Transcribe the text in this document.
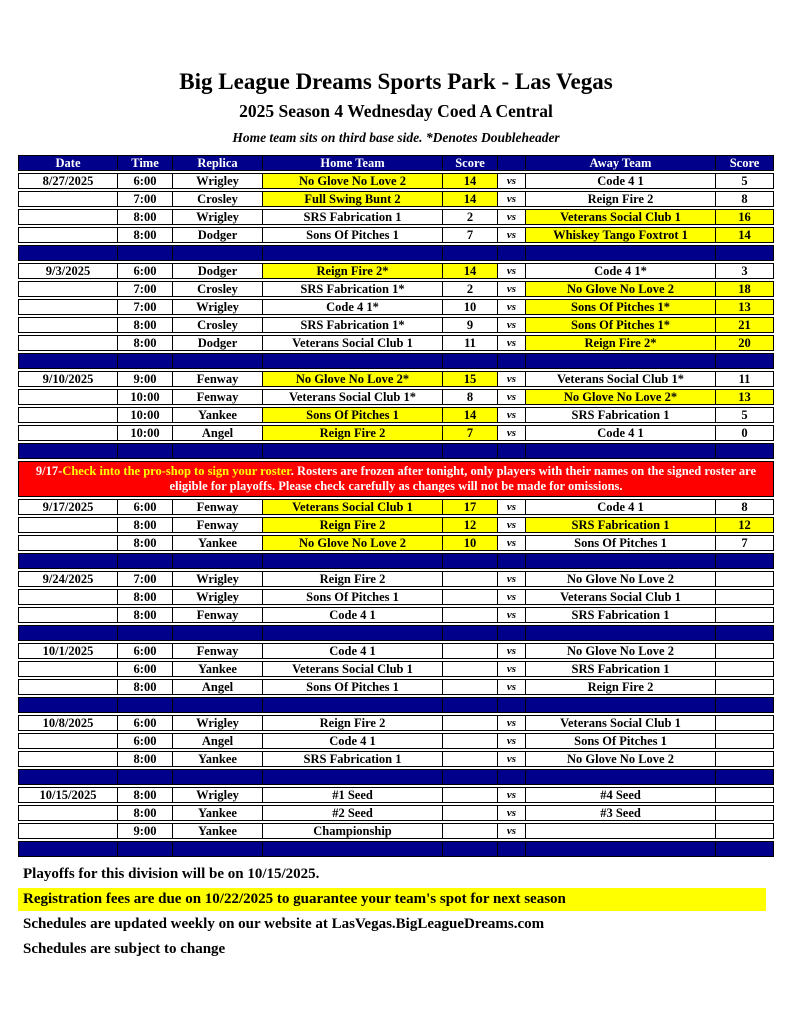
Big League Dreams Sports Park - Las Vegas
2025 Season 4 Wednesday Coed A Central
Home team sits on third base side. *Denotes Doubleheader
Date	Time	Replica	Home Team	Score	Away Team	Score
8/27/2025	6:00	Wrigley	No Glove No Love 2	14	vs	Code 4 1	5
7:00	Crosley	Full Swing Bunt 2	14	vs	Reign Fire 2	8
8:00	Wrigley	SRS Fabrication 1	2	vs	Veterans Social Club 1	16
8:00	Dodger	Sons Of Pitches 1	7	vs	Whiskey Tango Foxtrot 1	14
9/3/2025	6:00	Dodger	Reign Fire 2*	14	vs	Code 4 1*	3
7:00	Crosley	SRS Fabrication 1*	2	vs	No Glove No Love 2	18
7:00	Wrigley	Code 4 1*	10	vs	Sons Of Pitches 1*	13
8:00	Crosley	SRS Fabrication 1*	9	vs	Sons Of Pitches 1*	21
8:00	Dodger	Veterans Social Club 1	11	vs	Reign Fire 2*	20
9/10/2025	9:00	Fenway	No Glove No Love 2*	15	vs	Veterans Social Club 1*	11
10:00	Fenway	Veterans Social Club 1*	8	vs	No Glove No Love 2*	13
10:00	Yankee	Sons Of Pitches 1	14	vs	SRS Fabrication 1	5
10:00	Angel	Reign Fire 2	7	vs	Code 4 1	0
9/17-Check into the pro-shop to sign your roster. Rosters are frozen after tonight, only players with their names on the signed roster are eligible for playoffs. Please check carefully as changes will not be made for omissions.
9/17/2025	6:00	Fenway	Veterans Social Club 1	17	vs	Code 4 1	8
8:00	Fenway	Reign Fire 2	12	vs	SRS Fabrication 1	12
8:00	Yankee	No Glove No Love 2	10	vs	Sons Of Pitches 1	7
9/24/2025	7:00	Wrigley	Reign Fire 2	vs	No Glove No Love 2
8:00	Wrigley	Sons Of Pitches 1	vs	Veterans Social Club 1
8:00	Fenway	Code 4 1	vs	SRS Fabrication 1
10/1/2025	6:00	Fenway	Code 4 1	vs	No Glove No Love 2
6:00	Yankee	Veterans Social Club 1	vs	SRS Fabrication 1
8:00	Angel	Sons Of Pitches 1	vs	Reign Fire 2
10/8/2025	6:00	Wrigley	Reign Fire 2	vs	Veterans Social Club 1
6:00	Angel	Code 4 1	vs	Sons Of Pitches 1
8:00	Yankee	SRS Fabrication 1	vs	No Glove No Love 2
10/15/2025	8:00	Wrigley	#1 Seed	vs	#4 Seed
8:00	Yankee	#2 Seed	vs	#3 Seed
9:00	Yankee	Championship	vs
Playoffs for this division will be on 10/15/2025.
Registration fees are due on 10/22/2025 to guarantee your team's spot for next season
Schedules are updated weekly on our website at LasVegas.BigLeagueDreams.com
Schedules are subject to change
